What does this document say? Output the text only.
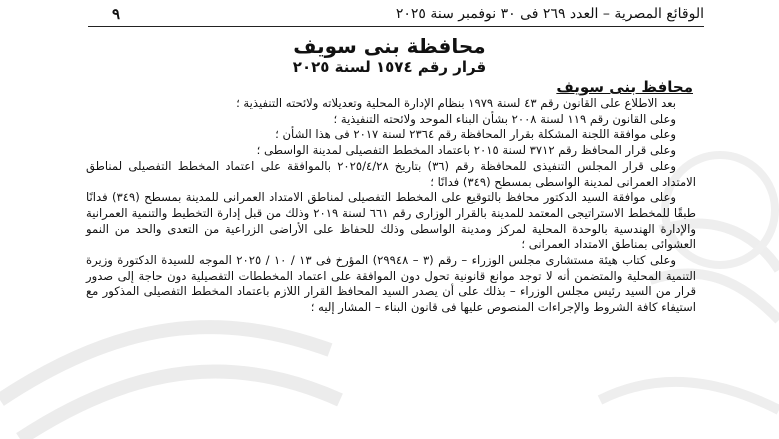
الوقائع المصرية – العدد ٢٦٩ فى ٣٠ نوفمبر سنة ٢٠٢٥
٩
محافظة بنى سويف
قرار رقم ١٥٧٤ لسنة ٢٠٢٥
محافظ بنى سويف

بعد الاطلاع على القانون رقم ٤٣ لسنة ١٩٧٩ بنظام الإدارة المحلية وتعديلاته ولائحته التنفيذية ؛

وعلى القانون رقم ١١٩ لسنة ٢٠٠٨ بشأن البناء الموحد ولائحته التنفيذية ؛

وعلى موافقة اللجنة المشكلة بقرار المحافظة رقم ٢٣٦٤ لسنة ٢٠١٧ فى هذا الشأن ؛

وعلى قرار المحافظ رقم ٣٧١٢ لسنة ٢٠١٥ باعتماد المخطط التفصيلى لمدينة الواسطى ؛

وعلى قرار المجلس التنفيذى للمحافظة رقم (٣٦) بتاريخ ٢٠٢٥/٤/٢٨ بالموافقة على اعتماد المخطط التفصيلى لمناطق الامتداد العمرانى لمدينة الواسطى بمسطح (٣٤٩) فدانًا ؛

وعلى موافقة السيد الدكتور محافظ بالتوقيع على المخطط التفصيلى لمناطق الامتداد العمرانى للمدينة بمسطح (٣٤٩) فدانًا طبقًا للمخطط الاستراتيجى المعتمد للمدينة بالقرار الوزارى رقم ٦٦١ لسنة ٢٠١٩ وذلك من قبل إدارة التخطيط والتنمية العمرانية والإدارة الهندسية بالوحدة المحلية لمركز ومدينة الواسطى وذلك للحفاظ على الأراضى الزراعية من التعدى والحد من النمو العشوائى بمناطق الامتداد العمرانى ؛

وعلى كتاب هيئة مستشارى مجلس الوزراء – رقم (٣ – ٢٩٩٤٨) المؤرخ فى ١٣ / ١٠ / ٢٠٢٥ الموجه للسيدة الدكتورة وزيرة التنمية المحلية والمتضمن أنه لا توجد موانع قانونية تحول دون الموافقة على اعتماد المخططات التفصيلية دون حاجة إلى صدور قرار من السيد رئيس مجلس الوزراء – بذلك على أن يصدر السيد المحافظ القرار اللازم باعتماد المخطط التفصيلى المذكور مع استيفاء كافة الشروط والإجراءات المنصوص عليها فى قانون البناء – المشار إليه ؛
